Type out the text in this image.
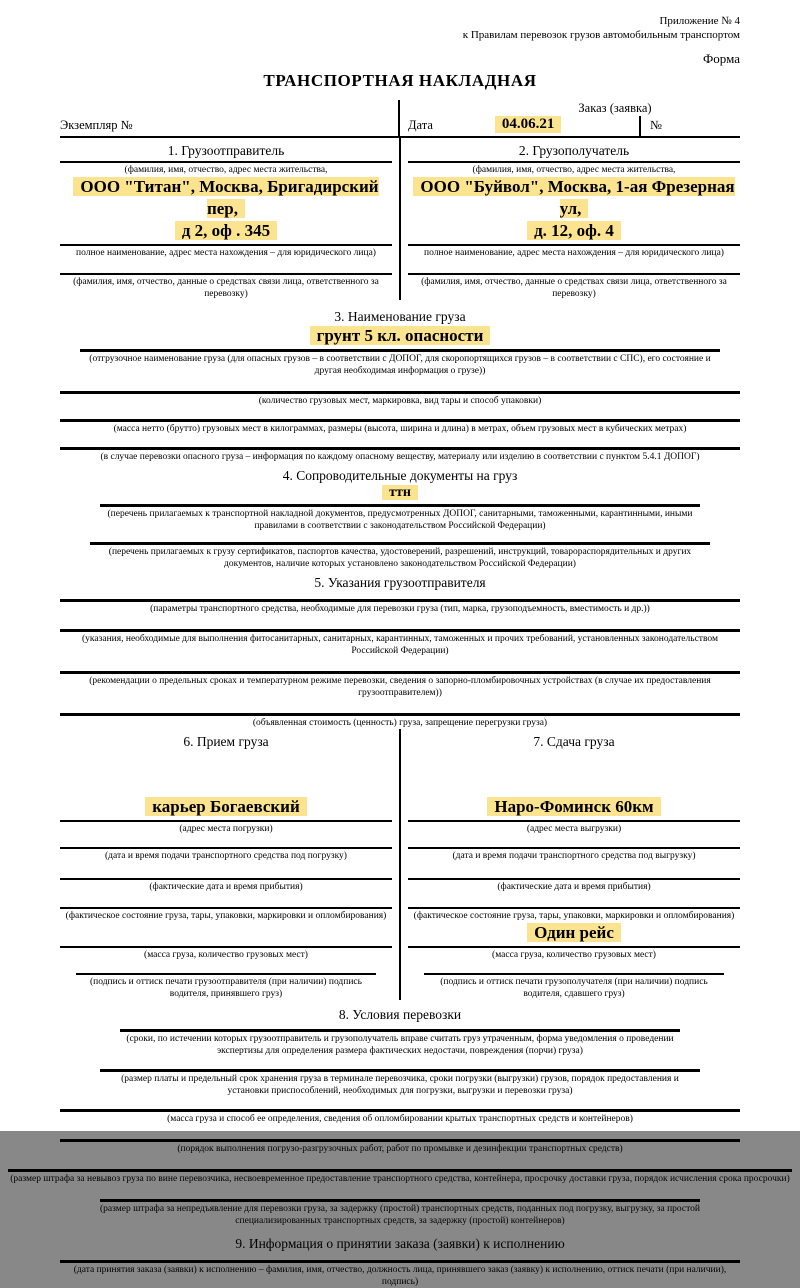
Приложение № 4
к Правилам перевозок грузов автомобильным транспортом
Форма
ТРАНСПОРТНАЯ НАКЛАДНАЯ
Экземпляр №
Заказ (заявка)
Дата	04.06.21	№
1. Грузоотправитель
(фамилия, имя, отчество, адрес места жительства,
ООО "Титан", Москва, Бригадирский пер,
д 2, оф . 345
полное наименование, адрес места нахождения – для юридического лица)
(фамилия, имя, отчество, данные о средствах связи лица, ответственного за перевозку)
2. Грузополучатель
(фамилия, имя, отчество, адрес места жительства,
ООО "Буйвол", Москва, 1-ая Фрезерная ул,
д. 12, оф. 4
полное наименование, адрес места нахождения – для юридического лица)
(фамилия, имя, отчество, данные о средствах связи лица, ответственного за перевозку)
3. Наименование груза
грунт 5 кл. опасности
(отгрузочное наименование груза (для опасных грузов – в соответствии с ДОПОГ, для скоропортящихся грузов – в соответствии с СПС), его состояние и другая необходимая информация о грузе))
(количество грузовых мест, маркировка, вид тары и способ упаковки)
(масса нетто (брутто) грузовых мест в килограммах, размеры (высота, ширина и длина) в метрах, объем грузовых мест в кубических метрах)
(в случае перевозки опасного груза – информация по каждому опасному веществу, материалу или изделию в соответствии с пунктом 5.4.1 ДОПОГ)
4. Сопроводительные документы на груз
ттн
(перечень прилагаемых к транспортной накладной документов, предусмотренных ДОПОГ, санитарными, таможенными, карантинными, иными правилами в соответствии с законодательством Российской Федерации)
(перечень прилагаемых к грузу сертификатов, паспортов качества, удостоверений, разрешений, инструкций, товарораспорядительных и других документов, наличие которых установлено законодательством Российской Федерации)
5. Указания грузоотправителя
(параметры транспортного средства, необходимые для перевозки груза (тип, марка, грузоподъемность, вместимость и др.))
(указания, необходимые для выполнения фитосанитарных, санитарных, карантинных, таможенных и прочих требований, установленных законодательством Российской Федерации)
(рекомендации о предельных сроках и температурном режиме перевозки, сведения о запорно-пломбировочных устройствах (в случае их предоставления грузоотправителем))
(объявленная стоимость (ценность) груза, запрещение перегрузки груза)
6. Прием груза
карьер Богаевский
(адрес места погрузки)
(дата и время подачи транспортного средства под погрузку)
(фактические дата и время прибытия)
(фактическое состояние груза, тары, упаковки, маркировки и опломбирования)
(масса груза, количество грузовых мест)
(подпись и оттиск печати грузоотправителя (при наличии) подпись водителя, принявшего груз)
7. Сдача груза
Наро-Фоминск 60км
(адрес места выгрузки)
(дата и время подачи транспортного средства под выгрузку)
(фактические дата и время прибытия)
(фактическое состояние груза, тары, упаковки, маркировки и опломбирования)
Один рейс
(масса груза, количество грузовых мест)
(подпись и оттиск печати грузополучателя (при наличии) подпись водителя, сдавшего груз)
8. Условия перевозки
(сроки, по истечении которых грузоотправитель и грузополучатель вправе считать груз утраченным, форма уведомления о проведении экспертизы для определения размера фактических недостачи, повреждения (порчи) груза)
(размер платы и предельный срок хранения груза в терминале перевозчика, сроки погрузки (выгрузки) грузов, порядок предоставления и установки приспособлений, необходимых для погрузки, выгрузки и перевозки груза)
(масса груза и способ ее определения, сведения об опломбировании крытых транспортных средств и контейнеров)
(порядок выполнения погрузо-разгрузочных работ, работ по промывке и дезинфекции транспортных средств)
(размер штрафа за невывоз груза по вине перевозчика, несвоевременное предоставление транспортного средства, контейнера, просрочку доставки груза, порядок исчисления срока просрочки)
(размер штрафа за непредъявление для перевозки груза, за задержку (простой) транспортных средств, поданных под погрузку, выгрузку, за простой специализированных транспортных средств, за задержку (простой) контейнеров)
9. Информация о принятии заказа (заявки) к исполнению
(дата принятия заказа (заявки) к исполнению – фамилия, имя, отчество, должность лица, принявшего заказ (заявку) к исполнению, оттиск печати (при наличии), подпись)
